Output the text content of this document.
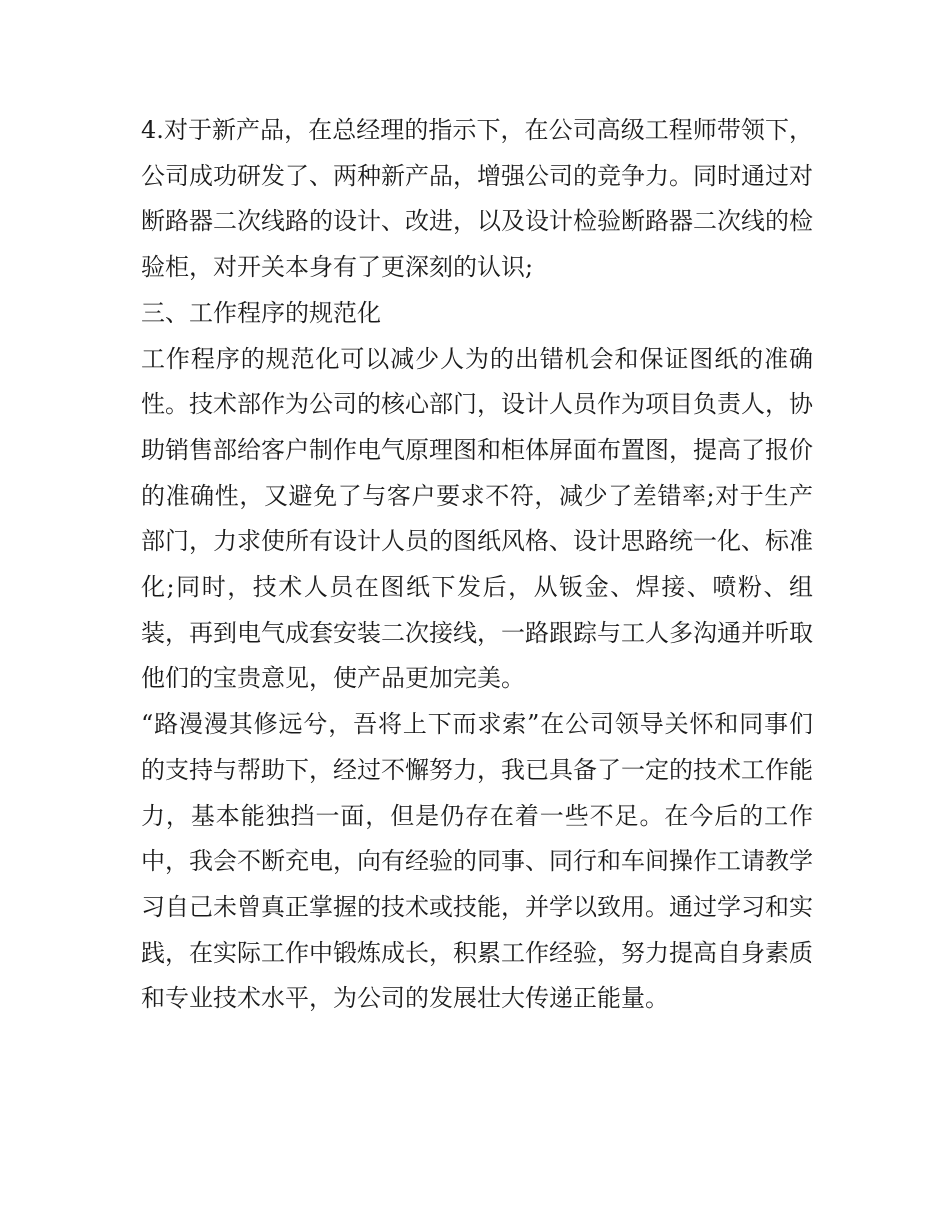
4.对于新产品，在总经理的指示下，在公司高级工程师带领下，公司成功研发了、两种新产品，增强公司的竞争力。同时通过对断路器二次线路的设计、改进，以及设计检验断路器二次线的检验柜，对开关本身有了更深刻的认识;

三、工作程序的规范化

工作程序的规范化可以减少人为的出错机会和保证图纸的准确性。技术部作为公司的核心部门，设计人员作为项目负责人，协助销售部给客户制作电气原理图和柜体屏面布置图，提高了报价的准确性，又避免了与客户要求不符，减少了差错率;对于生产部门，力求使所有设计人员的图纸风格、设计思路统一化、标准化;同时，技术人员在图纸下发后，从钣金、焊接、喷粉、组装，再到电气成套安装二次接线，一路跟踪与工人多沟通并听取他们的宝贵意见，使产品更加完美。

“路漫漫其修远兮，吾将上下而求索”在公司领导关怀和同事们的支持与帮助下，经过不懈努力，我已具备了一定的技术工作能力，基本能独挡一面，但是仍存在着一些不足。在今后的工作中，我会不断充电，向有经验的同事、同行和车间操作工请教学习自己未曾真正掌握的技术或技能，并学以致用。通过学习和实践，在实际工作中锻炼成长，积累工作经验，努力提高自身素质和专业技术水平，为公司的发展壮大传递正能量。
